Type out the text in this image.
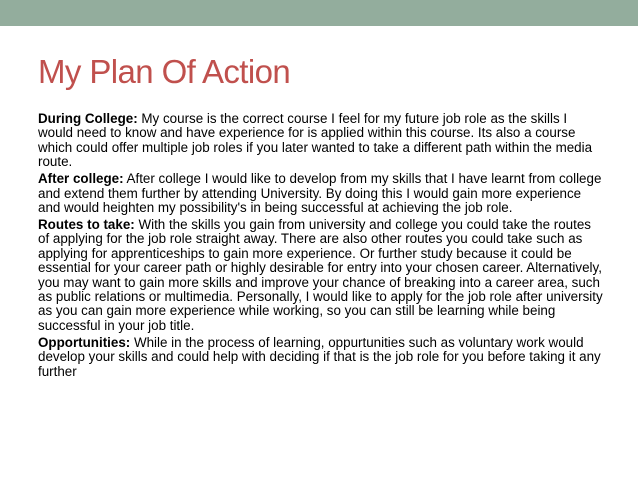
My Plan Of Action

During College: My course is the correct course I feel for my future job role as the skills I would need to know and have experience for is applied within this course. Its also a course which could offer multiple job roles if you later wanted to take a different path within the media route.

After college: After college I would like to develop from my skills that I have learnt from college and extend them further by attending University. By doing this I would gain more experience and would heighten my possibility's in being successful at achieving the job role.

Routes to take: With the skills you gain from university and college you could take the routes of applying for the job role straight away. There are also other routes you could take such as applying for apprenticeships to gain more experience. Or further study because it could be essential for your career path or highly desirable for entry into your chosen career. Alternatively, you may want to gain more skills and improve your chance of breaking into a career area, such as public relations or multimedia. Personally, I would like to apply for the job role after university as you can gain more experience while working, so you can still be learning while being successful in your job title.

Opportunities: While in the process of learning, oppurtunities such as voluntary work would develop your skills and could help with deciding if that is the job role for you before taking it any further
